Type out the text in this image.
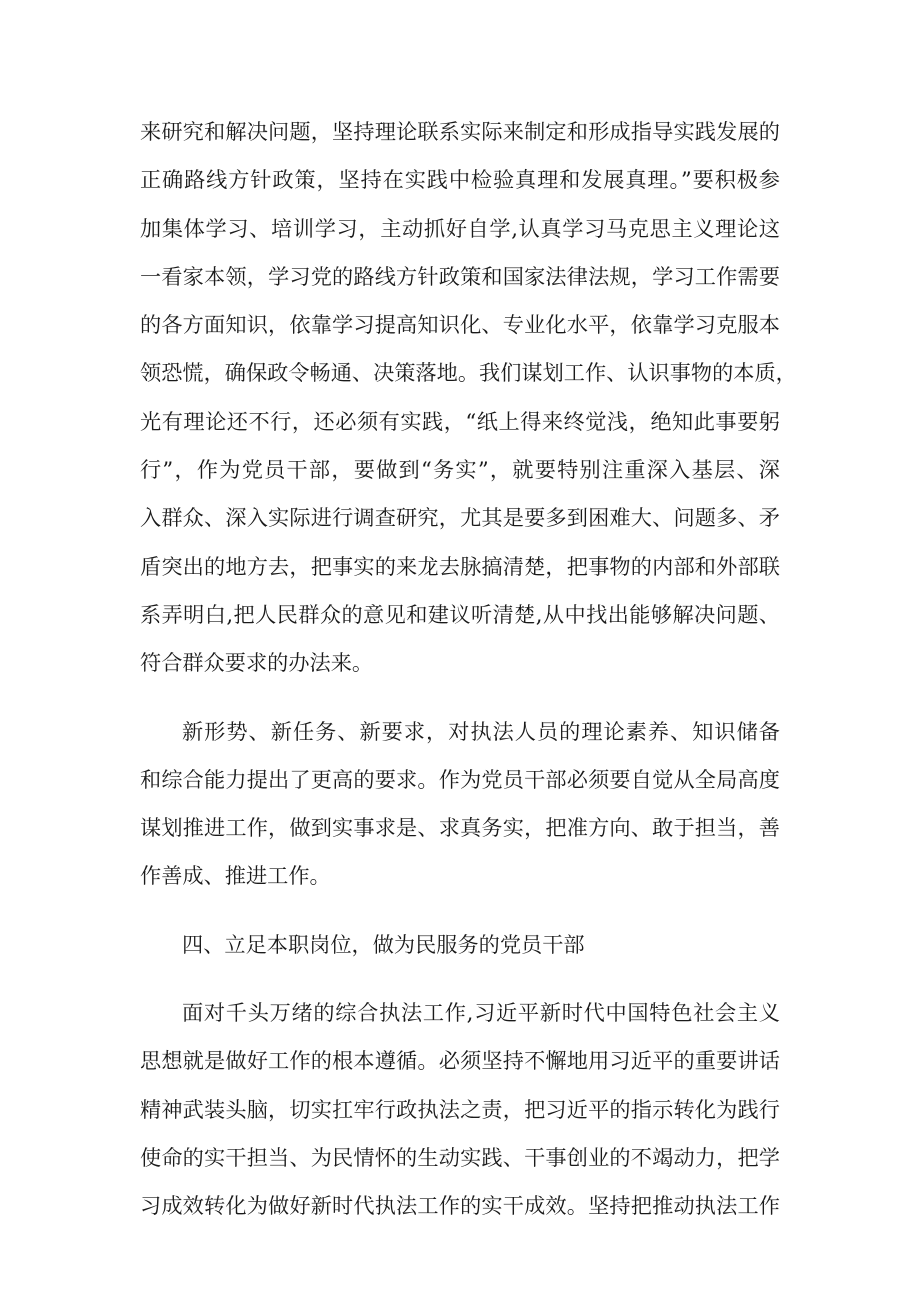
来研究和解决问题，坚持理论联系实际来制定和形成指导实践发展的
正确路线方针政策，坚持在实践中检验真理和发展真理。”要积极参
加集体学习、培训学习，主动抓好自学,认真学习马克思主义理论这
一看家本领，学习党的路线方针政策和国家法律法规，学习工作需要
的各方面知识，依靠学习提高知识化、专业化水平，依靠学习克服本
领恐慌，确保政令畅通、决策落地。我们谋划工作、认识事物的本质，
光有理论还不行，还必须有实践，“纸上得来终觉浅，绝知此事要躬
行”，作为党员干部，要做到“务实”，就要特别注重深入基层、深
入群众、深入实际进行调查研究，尤其是要多到困难大、问题多、矛
盾突出的地方去，把事实的来龙去脉搞清楚，把事物的内部和外部联
系弄明白,把人民群众的意见和建议听清楚,从中找出能够解决问题、
符合群众要求的办法来。
新形势、新任务、新要求，对执法人员的理论素养、知识储备
和综合能力提出了更高的要求。作为党员干部必须要自觉从全局高度
谋划推进工作，做到实事求是、求真务实，把准方向、敢于担当，善
作善成、推进工作。
四、立足本职岗位，做为民服务的党员干部
面对千头万绪的综合执法工作,习近平新时代中国特色社会主义
思想就是做好工作的根本遵循。必须坚持不懈地用习近平的重要讲话
精神武装头脑，切实扛牢行政执法之责，把习近平的指示转化为践行
使命的实干担当、为民情怀的生动实践、干事创业的不竭动力，把学
习成效转化为做好新时代执法工作的实干成效。坚持把推动执法工作
